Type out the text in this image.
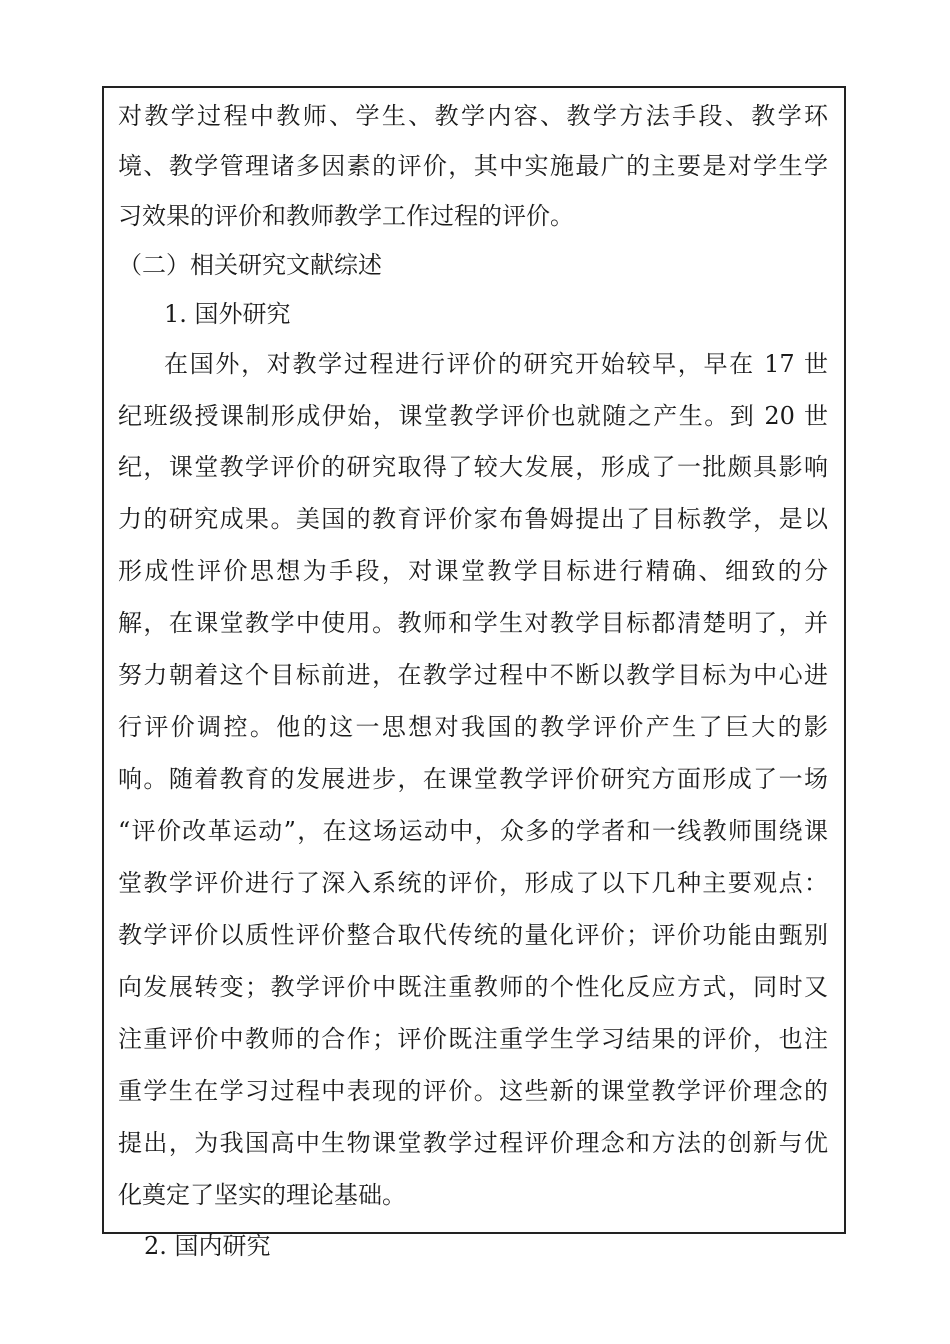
对教学过程中教师、学生、教学内容、教学方法手段、教学环

境、教学管理诸多因素的评价，其中实施最广的主要是对学生学

习效果的评价和教师教学工作过程的评价。

（二）相关研究文献综述

1. 国外研究

在国外，对教学过程进行评价的研究开始较早，早在 17 世

纪班级授课制形成伊始，课堂教学评价也就随之产生。到 20 世

纪，课堂教学评价的研究取得了较大发展，形成了一批颇具影响

力的研究成果。美国的教育评价家布鲁姆提出了目标教学，是以

形成性评价思想为手段，对课堂教学目标进行精确、细致的分

解，在课堂教学中使用。教师和学生对教学目标都清楚明了，并

努力朝着这个目标前进，在教学过程中不断以教学目标为中心进

行评价调控。他的这一思想对我国的教学评价产生了巨大的影

响。随着教育的发展进步，在课堂教学评价研究方面形成了一场

“评价改革运动”，在这场运动中，众多的学者和一线教师围绕课

堂教学评价进行了深入系统的评价，形成了以下几种主要观点：

教学评价以质性评价整合取代传统的量化评价；评价功能由甄别

向发展转变；教学评价中既注重教师的个性化反应方式，同时又

注重评价中教师的合作；评价既注重学生学习结果的评价，也注

重学生在学习过程中表现的评价。这些新的课堂教学评价理念的

提出，为我国高中生物课堂教学过程评价理念和方法的创新与优

化奠定了坚实的理论基础。

2. 国内研究
